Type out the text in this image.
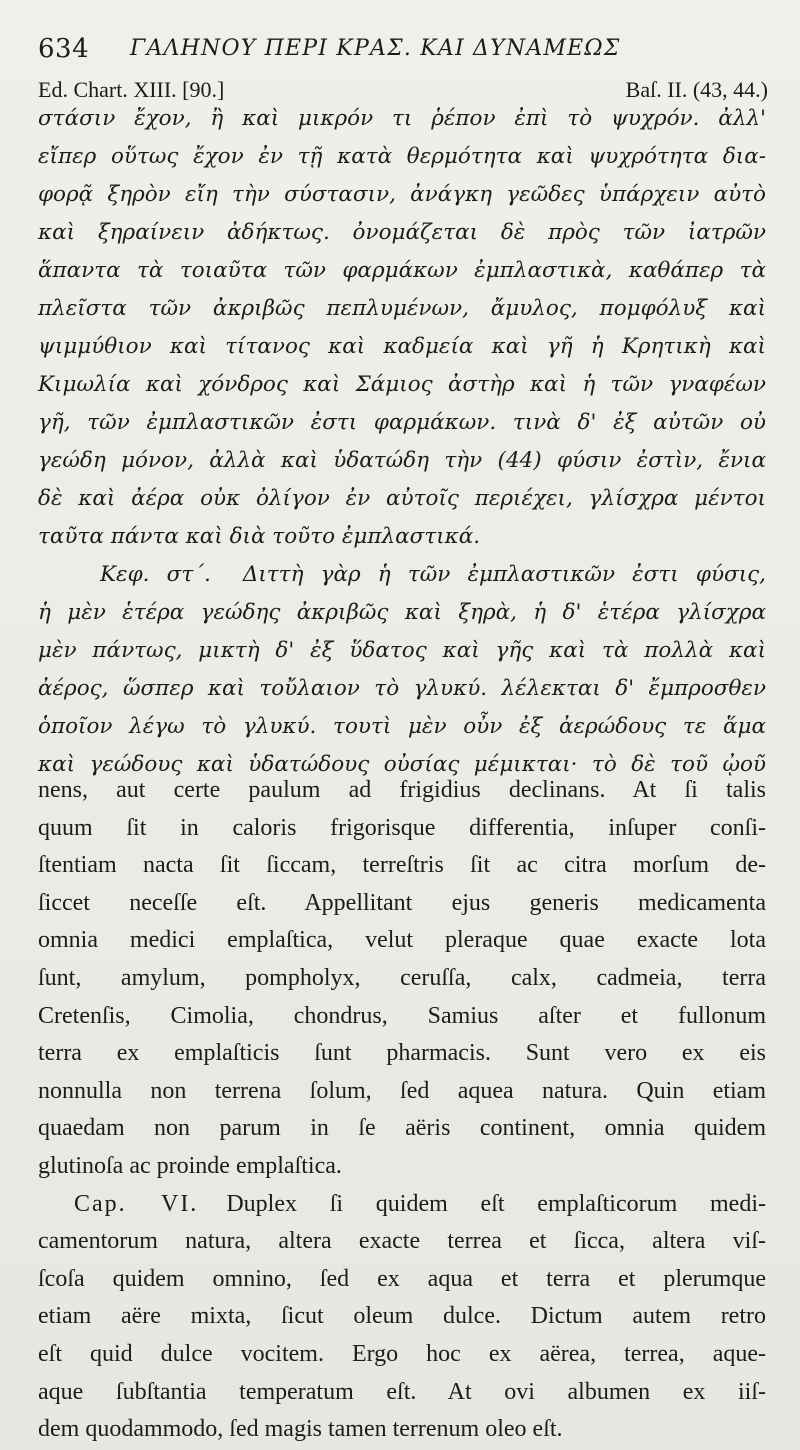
634 ΓΑΛΗΝΟΥ ΠΕΡΙ ΚΡΑΣ. ΚΑΙ ΔΥΝΑΜΕΩΣ
Ed. Chart. XIII. [90.]	Baſ. II. (43, 44.)
στάσιν ἔχον, ἢ καὶ μικρόν τι ῥέπον ἐπὶ τὸ ψυχρόν. ἀλλ'
εἴπερ οὕτως ἔχον ἐν τῇ κατὰ θερμότητα καὶ ψυχρότητα δια-
φορᾷ ξηρὸν εἴη τὴν σύστασιν, ἀνάγκη γεῶδες ὑπάρχειν αὐτὸ
καὶ ξηραίνειν ἀδήκτως. ὀνομάζεται δὲ πρὸς τῶν ἰατρῶν
ἅπαντα τὰ τοιαῦτα τῶν φαρμάκων ἐμπλαστικὰ, καθάπερ τὰ
πλεῖστα τῶν ἀκριβῶς πεπλυμένων, ἄμυλος, πομφόλυξ καὶ
ψιμμύθιον καὶ τίτανος καὶ καδμεία καὶ γῆ ἡ Κρητικὴ καὶ
Κιμωλία καὶ χόνδρος καὶ Σάμιος ἀστὴρ καὶ ἡ τῶν γναφέων
γῆ, τῶν ἐμπλαστικῶν ἐστι φαρμάκων. τινὰ δ' ἐξ αὐτῶν οὐ
γεώδη μόνον, ἀλλὰ καὶ ὑδατώδη τὴν (44) φύσιν ἐστὶν, ἔνια
δὲ καὶ ἀέρα οὐκ ὀλίγον ἐν αὐτοῖς περιέχει, γλίσχρα μέντοι
ταῦτα πάντα καὶ διὰ τοῦτο ἐμπλαστικά.
Κεφ. στ΄. Διττὴ γὰρ ἡ τῶν ἐμπλαστικῶν ἐστι φύσις,
ἡ μὲν ἑτέρα γεώδης ἀκριβῶς καὶ ξηρὰ, ἡ δ' ἑτέρα γλίσχρα
μὲν πάντως, μικτὴ δ' ἐξ ὕδατος καὶ γῆς καὶ τὰ πολλὰ καὶ
ἀέρος, ὥσπερ καὶ τοὔλαιον τὸ γλυκύ. λέλεκται δ' ἔμπροσθεν
ὁποῖον λέγω τὸ γλυκύ. τουτὶ μὲν οὖν ἐξ ἀερώδους τε ἅμα
καὶ γεώδους καὶ ὑδατώδους οὐσίας μέμικται· τὸ δὲ τοῦ ᾠοῦ
nens, aut certe paulum ad frigidius declinans. At ſi talis
quum ſit in caloris frigorisque differentia, inſuper conſi-
ſtentiam nacta ſit ſiccam, terreſtris ſit ac citra morſum de-
ſiccet neceſſe eſt. Appellitant ejus generis medicamenta
omnia medici emplaſtica, velut pleraque quae exacte lota
ſunt, amylum, pompholyx, ceruſſa, calx, cadmeia, terra
Cretenſis, Cimolia, chondrus, Samius aſter et fullonum
terra ex emplaſticis ſunt pharmacis. Sunt vero ex eis
nonnulla non terrena ſolum, ſed aquea natura. Quin etiam
quaedam non parum in ſe aëris continent, omnia quidem
glutinoſa ac proinde emplaſtica.
Cap. VI. Duplex ſi quidem eſt emplaſticorum medi-
camentorum natura, altera exacte terrea et ſicca, altera viſ-
ſcoſa quidem omnino, ſed ex aqua et terra et plerumque
etiam aëre mixta, ſicut oleum dulce. Dictum autem retro
eſt quid dulce vocitem. Ergo hoc ex aërea, terrea, aque-
aque ſubſtantia temperatum eſt. At ovi albumen ex iiſ-
dem quodammodo, ſed magis tamen terrenum oleo eſt.
